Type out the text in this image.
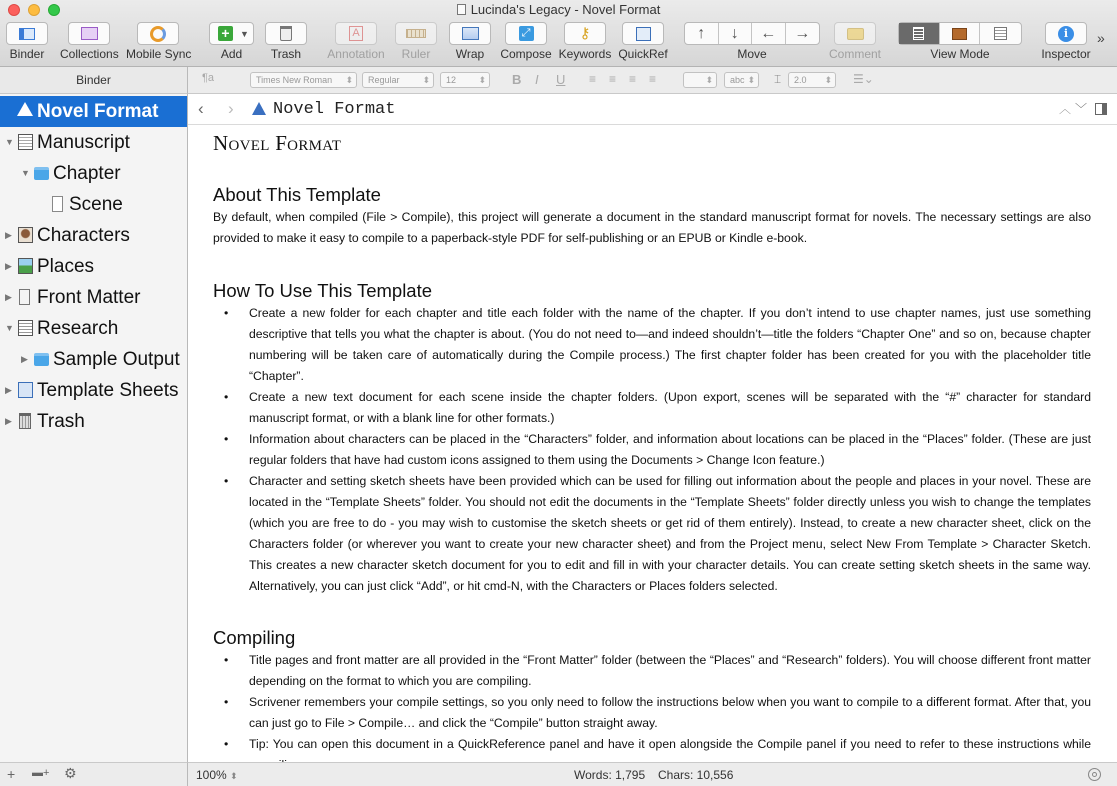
Lucinda's Legacy - Novel Format
Binder	Collections Mobile Sync
+	▼
Add	Trash
A
Annotation	Ruler	Wrap
⤢
Compose
⚷
Keywords QuickRef
↑	↓	←	→
Move	Comment	View Mode
i
Inspector
»
Binder	¶a	Times New Roman ⬍	Regular ⬍	12 ⬍	B I U ≡ ≡ ≡ ≡
⬍	abc ⬍	⌶	2.0 ⬍	☰⌄
Novel Format
▼ Manuscript
▼ Chapter
Scene
▶ Characters
▶ Places
▶ Front Matter
▼ Research
▶ Sample Output
▶ Template Sheets
▶ Trash
+ ▬+ ⚙
‹ › Novel Format	︿ ﹀
Novel Format
About This Template
By default, when compiled (File > Compile), this project will generate a document in the standard manuscript format for novels. The necessary settings are also provided to make it easy to compile to a paperback-style PDF for self-publishing or an EPUB or Kindle e-book.
How To Use This Template
• Create a new folder for each chapter and title each folder with the name of the chapter. If you don’t intend to use chapter names, just use something descriptive that tells you what the chapter is about. (You do not need to—and indeed shouldn’t—title the folders “Chapter One” and so on, because chapter numbering will be taken care of automatically during the Compile process.) The first chapter folder has been created for you with the placeholder title “Chapter”.
• Create a new text document for each scene inside the chapter folders. (Upon export, scenes will be separated with the “#” character for standard manuscript format, or with a blank line for other formats.)
• Information about characters can be placed in the “Characters” folder, and information about locations can be placed in the “Places” folder. (These are just regular folders that have had custom icons assigned to them using the Documents > Change Icon feature.)
• Character and setting sketch sheets have been provided which can be used for filling out information about the people and places in your novel. These are located in the “Template Sheets” folder. You should not edit the documents in the “Template Sheets” folder directly unless you wish to change the templates (which you are free to do - you may wish to customise the sketch sheets or get rid of them entirely). Instead, to create a new character sheet, click on the Characters folder (or wherever you want to create your new character sheet) and from the Project menu, select New From Template > Character Sketch. This creates a new character sketch document for you to edit and fill in with your character details. You can create setting sketch sheets in the same way. Alternatively, you can just click “Add”, or hit cmd-N, with the Characters or Places folders selected.
Compiling
• Title pages and front matter are all provided in the “Front Matter” folder (between the “Places” and “Research” folders). You will choose different front matter depending on the format to which you are compiling.
• Scrivener remembers your compile settings, so you only need to follow the instructions below when you want to compile to a different format. After that, you can just go to File > Compile… and click the “Compile” button straight away.
• Tip: You can open this document in a QuickReference panel and have it open alongside the Compile panel if you need to refer to these instructions while
100% ⬍	Words: 1,795 Chars: 10,556
